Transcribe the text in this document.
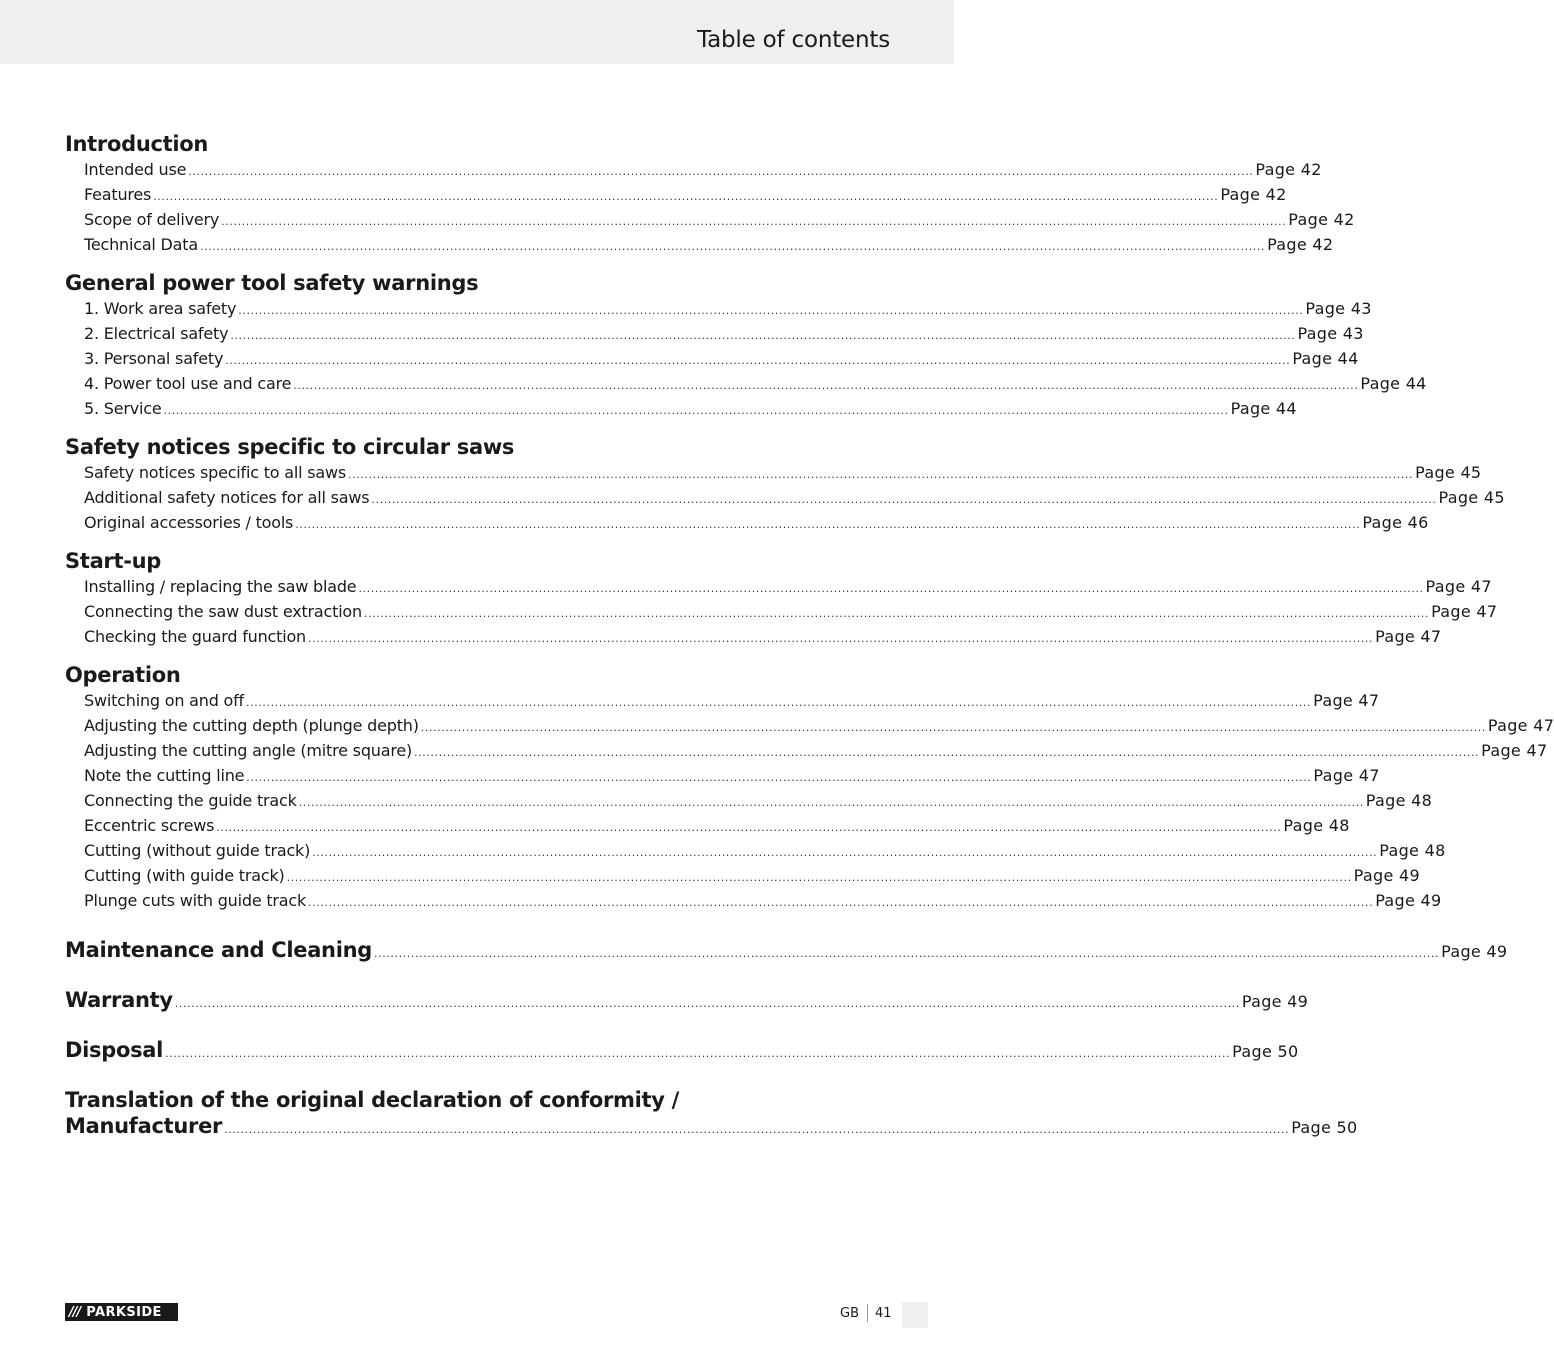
Table of contents
Introduction
Intended use .................................................................................................................................................................................................................................................................... Page 42
Features .................................................................................................................................................................................................................................................................... Page 42
Scope of delivery .................................................................................................................................................................................................................................................................... Page 42
Technical Data .................................................................................................................................................................................................................................................................... Page 42
General power tool safety warnings
1. Work area safety .................................................................................................................................................................................................................................................................... Page 43
2. Electrical safety .................................................................................................................................................................................................................................................................... Page 43
3. Personal safety .................................................................................................................................................................................................................................................................... Page 44
4. Power tool use and care .................................................................................................................................................................................................................................................................... Page 44
5. Service .................................................................................................................................................................................................................................................................... Page 44
Safety notices specific to circular saws
Safety notices specific to all saws .................................................................................................................................................................................................................................................................... Page 45
Additional safety notices for all saws .................................................................................................................................................................................................................................................................... Page 45
Original accessories / tools .................................................................................................................................................................................................................................................................... Page 46
Start-up
Installing / replacing the saw blade .................................................................................................................................................................................................................................................................... Page 47
Connecting the saw dust extraction .................................................................................................................................................................................................................................................................... Page 47
Checking the guard function .................................................................................................................................................................................................................................................................... Page 47
Operation
Switching on and off .................................................................................................................................................................................................................................................................... Page 47
Adjusting the cutting depth (plunge depth) .................................................................................................................................................................................................................................................................... Page 47
Adjusting the cutting angle (mitre square) .................................................................................................................................................................................................................................................................... Page 47
Note the cutting line .................................................................................................................................................................................................................................................................... Page 47
Connecting the guide track .................................................................................................................................................................................................................................................................... Page 48
Eccentric screws .................................................................................................................................................................................................................................................................... Page 48
Cutting (without guide track) .................................................................................................................................................................................................................................................................... Page 48
Cutting (with guide track) .................................................................................................................................................................................................................................................................... Page 49
Plunge cuts with guide track .................................................................................................................................................................................................................................................................... Page 49
Maintenance and Cleaning .................................................................................................................................................................................................................................................................... Page 49
Warranty .................................................................................................................................................................................................................................................................... Page 49
Disposal .................................................................................................................................................................................................................................................................... Page 50
Translation of the original declaration of conformity /
Manufacturer .................................................................................................................................................................................................................................................................... Page 50
/// PARKSIDE	GB 41
